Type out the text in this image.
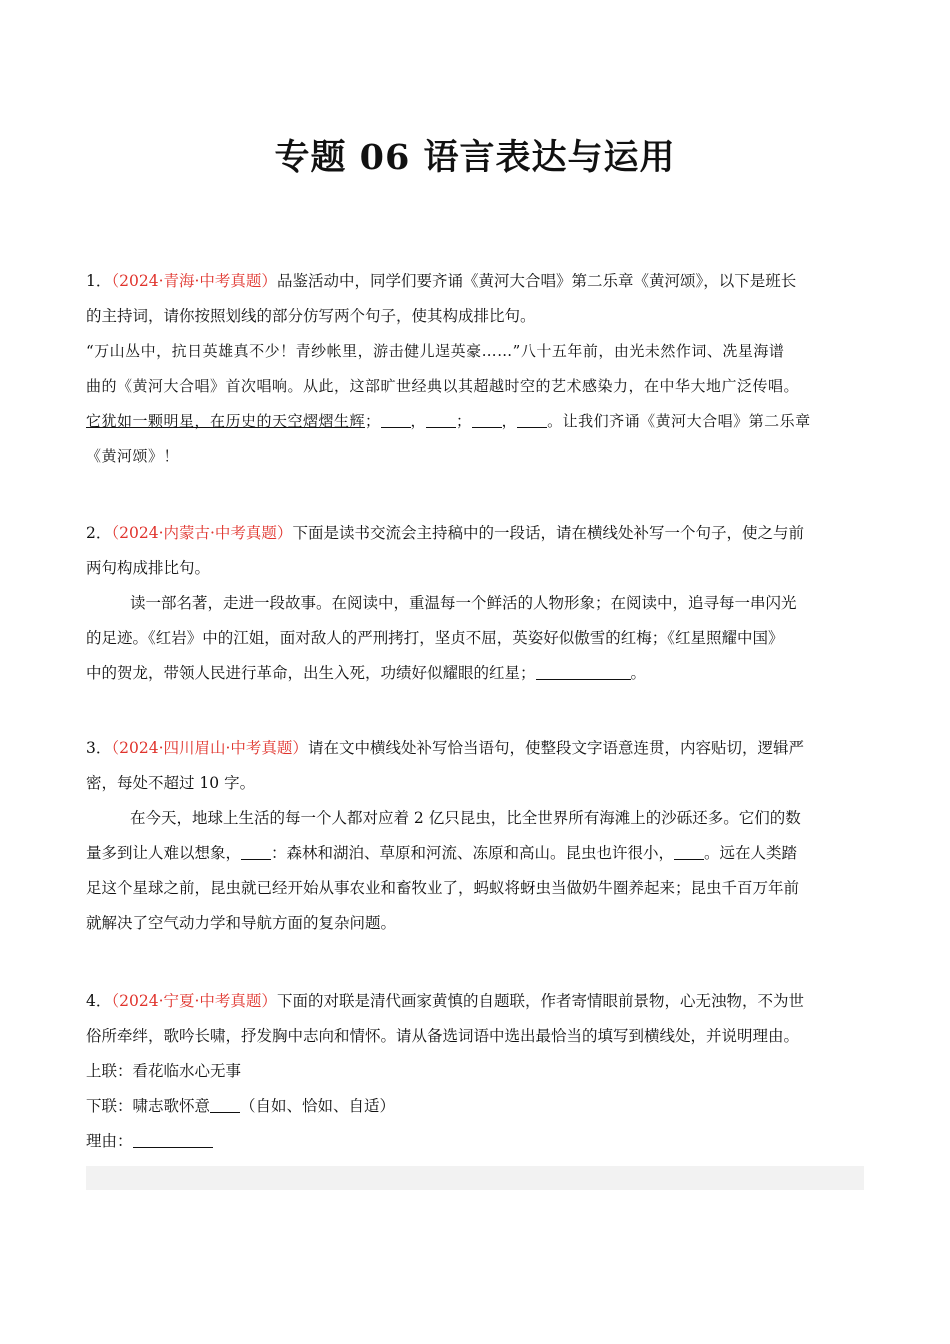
专题 06 语言表达与运用
1．（2024·青海·中考真题）品鉴活动中，同学们要齐诵《黄河大合唱》第二乐章《黄河颂》，以下是班长
的主持词，请你按照划线的部分仿写两个句子，使其构成排比句。
“万山丛中，抗日英雄真不少！青纱帐里，游击健儿逞英豪……”八十五年前，由光未然作词、冼星海谱
曲的《黄河大合唱》首次唱响。从此，这部旷世经典以其超越时空的艺术感染力，在中华大地广泛传唱。
它犹如一颗明星，在历史的天空熠熠生辉； ， ； ， 。让我们齐诵《黄河大合唱》第二乐章
《黄河颂》！
2．（2024·内蒙古·中考真题）下面是读书交流会主持稿中的一段话，请在横线处补写一个句子，使之与前
两句构成排比句。
读一部名著，走进一段故事。在阅读中，重温每一个鲜活的人物形象；在阅读中，追寻每一串闪光
的足迹。《红岩》中的江姐，面对敌人的严刑拷打，坚贞不屈，英姿好似傲雪的红梅；《红星照耀中国》
中的贺龙，带领人民进行革命，出生入死，功绩好似耀眼的红星；	。
3．（2024·四川眉山·中考真题）请在文中横线处补写恰当语句，使整段文字语意连贯，内容贴切，逻辑严
密，每处不超过 10 字。
在今天，地球上生活的每一个人都对应着 2 亿只昆虫，比全世界所有海滩上的沙砾还多。它们的数
量多到让人难以想象， ：森林和湖泊、草原和河流、冻原和高山。昆虫也许很小， 。远在人类踏
足这个星球之前，昆虫就已经开始从事农业和畜牧业了，蚂蚁将蚜虫当做奶牛圈养起来；昆虫千百万年前
就解决了空气动力学和导航方面的复杂问题。
4．（2024·宁夏·中考真题）下面的对联是清代画家黄慎的自题联，作者寄情眼前景物，心无浊物，不为世
俗所牵绊，歌吟长啸，抒发胸中志向和情怀。请从备选词语中选出最恰当的填写到横线处，并说明理由。
上联：看花临水心无事
下联：啸志歌怀意 （自如、恰如、自适）
理由：
